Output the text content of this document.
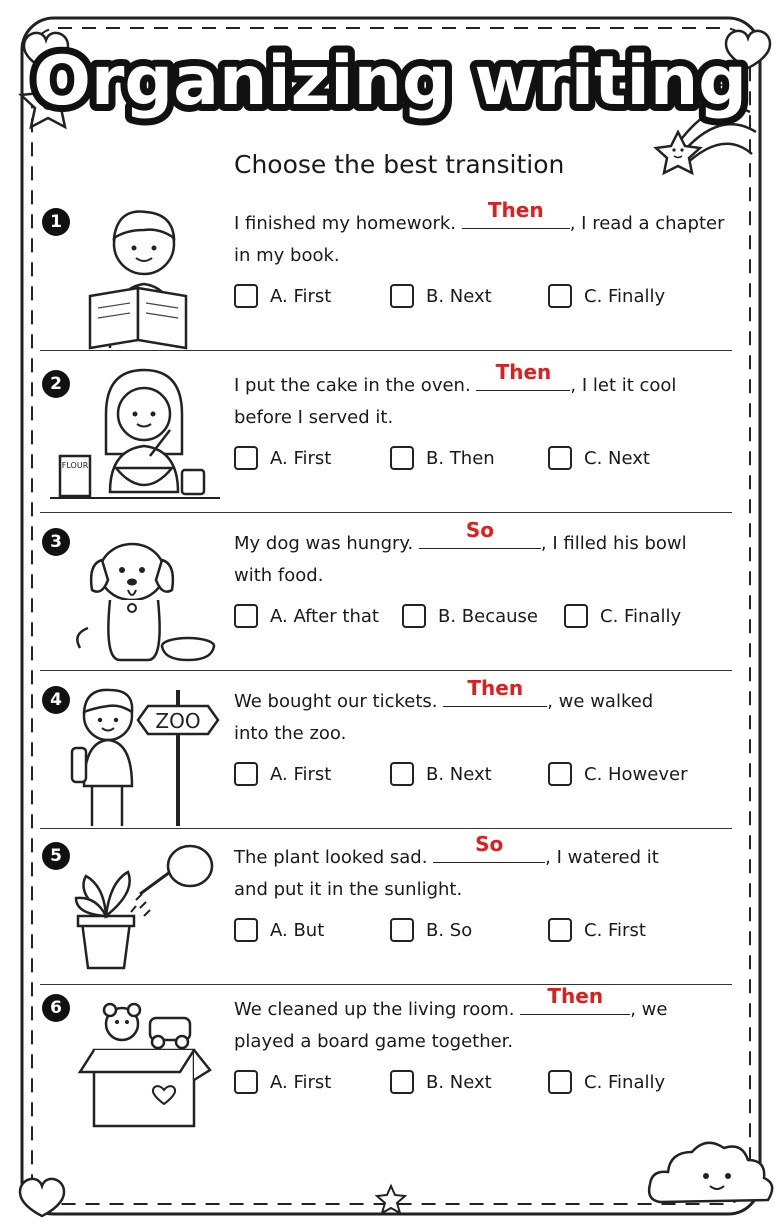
Organizing writing
Choose the best transition
1	I finished my homework.
Then
, I read a chapter
in my book.
A. First	B. Next	C. Finally
2
FLOUR
I put the cake in the oven.
Then
, I let it cool
before I served it.
A. First	B. Then	C. Next
3	My dog was hungry.
So
, I filled his bowl
with food.
A. After that	B. Because	C. Finally
4
ZOO
We bought our tickets.
Then
, we walked
into the zoo.
A. First	B. Next	C. However
5	The plant looked sad.
So
, I watered it
and put it in the sunlight.
A. But	B. So	C. First
6	We cleaned up the living room.
Then
, we
played a board game together.
A. First	B. Next	C. Finally
